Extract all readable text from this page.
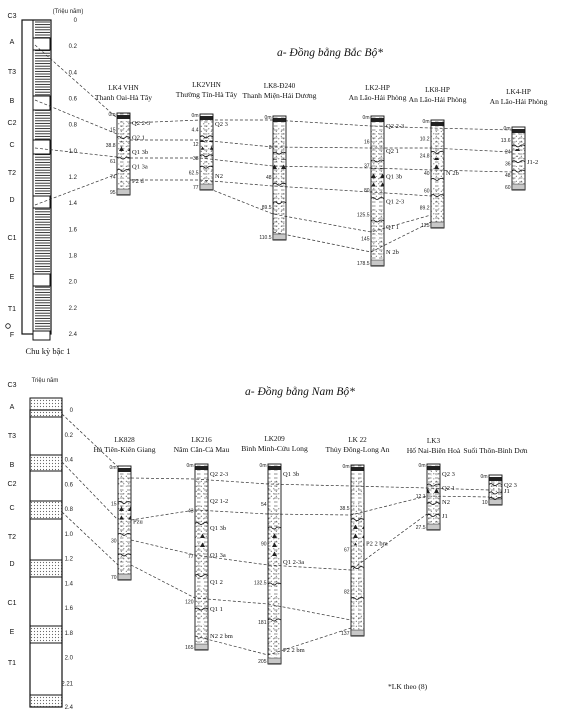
a- Đồng bằng Bắc Bộ*
(Triệu năm)
0
0.2
0.4
0.6
0.8
1.0
1.2
1.4
1.6
1.8
2.0
2.2
2.4
C3
A
T3
B
C2
C
T2
D
C1
E
T1
F
Chu kỳ bậc 1
LK4 VHN
Thanh Oai-Hà Tây
0m
15
38.8
61
74
95
Q2 2-3
Q2 1
Q1 3b
Q1 3a
P2 d
LK2VHN
Thường Tín-Hà Tây
0m
4.4
12
38
62.5
77
Q2 3
N2
LK8-Đ240
Thanh Miện-Hải Dương
0m
8
48
89.5
110.5
LK2-HP
An Lão-Hải Phòng
0m
16
37
80
125.5
145
178.5
Q2 2-3
Q2 1
Q1 3b
Q1 2-3
Q1 1
N 2b
LK8-HP
An Lão-Hải Phòng
0m
10.2
24.8
40
60
89.2
125
N 2b
LK4-HP
An Lão-Hải Phòng
0m
13.6
24
36
48
60
J1-2
a- Đồng bằng Nam Bộ*
Triệu năm
0
0.2
0.4
0.6
0.8
1.0
1.2
1.4
1.6
1.8
2.0
2.21
2.4
C3
A
T3
B
C2
C
T2
D
C1
E
T1
*LK theo (8)
LK828
Hà Tiên-Kiên Giang
0m
15
30
70
Pzu
LK216
Năm Căn-Cà Mau
0m
43
77
120
165
Q2 2-3
Q2 1-2
Q1 3b
Q1 3a
Q1 2
Q1 1
N2 2 bm
LK209
Bình Minh-Cửu Long
0m
54
90
132.5
181
205
Q1 3b
Q1 2-3a
P2 2 bm
LK 22
Thủy Đông-Long An
0m
38.5
67
82
137
P2 2 bm
LK3
Hố Nai-Biên Hoà
0m
12.1
27.5
Q2 3
Q2 1
N2
J1
Suối Thôn-Bình Dơn
0m
10
Q2 3
J1
